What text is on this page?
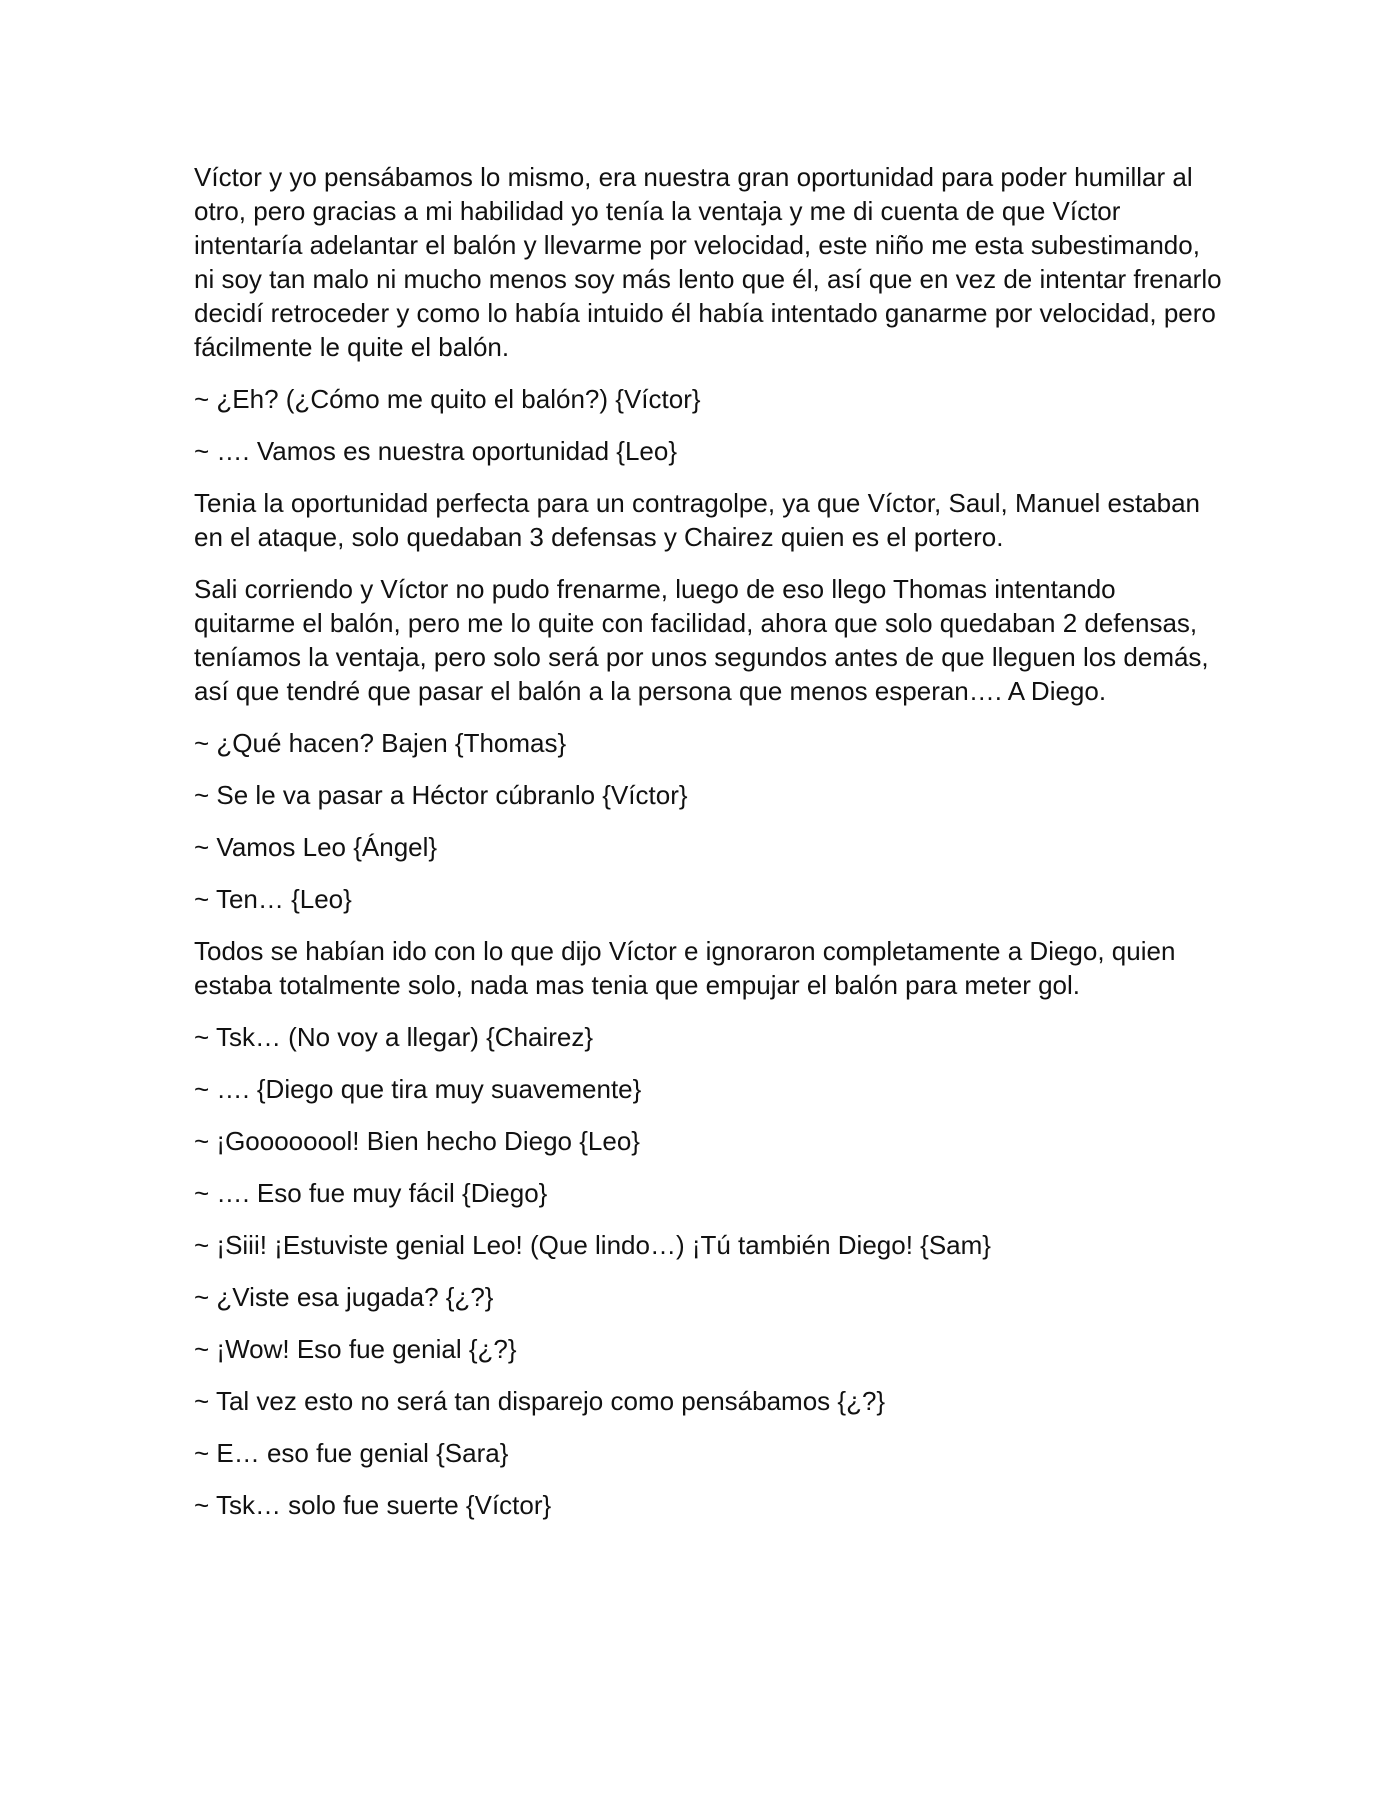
Víctor y yo pensábamos lo mismo, era nuestra gran oportunidad para poder humillar al otro, pero gracias a mi habilidad yo tenía la ventaja y me di cuenta de que Víctor intentaría adelantar el balón y llevarme por velocidad, este niño me esta subestimando, ni soy tan malo ni mucho menos soy más lento que él, así que en vez de intentar frenarlo decidí retroceder y como lo había intuido él había intentado ganarme por velocidad, pero fácilmente le quite el balón.

~ ¿Eh? (¿Cómo me quito el balón?) {Víctor}

~ …. Vamos es nuestra oportunidad {Leo}

Tenia la oportunidad perfecta para un contragolpe, ya que Víctor, Saul, Manuel estaban en el ataque, solo quedaban 3 defensas y Chairez quien es el portero.

Sali corriendo y Víctor no pudo frenarme, luego de eso llego Thomas intentando quitarme el balón, pero me lo quite con facilidad, ahora que solo quedaban 2 defensas, teníamos la ventaja, pero solo será por unos segundos antes de que lleguen los demás, así que tendré que pasar el balón a la persona que menos esperan…. A Diego.

~ ¿Qué hacen? Bajen {Thomas}

~ Se le va pasar a Héctor cúbranlo {Víctor}

~ Vamos Leo {Ángel}

~ Ten… {Leo}

Todos se habían ido con lo que dijo Víctor e ignoraron completamente a Diego, quien estaba totalmente solo, nada mas tenia que empujar el balón para meter gol.

~ Tsk… (No voy a llegar) {Chairez}

~ …. {Diego que tira muy suavemente}

~ ¡Goooooool! Bien hecho Diego {Leo}

~ …. Eso fue muy fácil {Diego}

~ ¡Siii! ¡Estuviste genial Leo! (Que lindo…) ¡Tú también Diego! {Sam}

~ ¿Viste esa jugada? {¿?}

~ ¡Wow! Eso fue genial {¿?}

~ Tal vez esto no será tan disparejo como pensábamos {¿?}

~ E… eso fue genial {Sara}

~ Tsk… solo fue suerte {Víctor}
